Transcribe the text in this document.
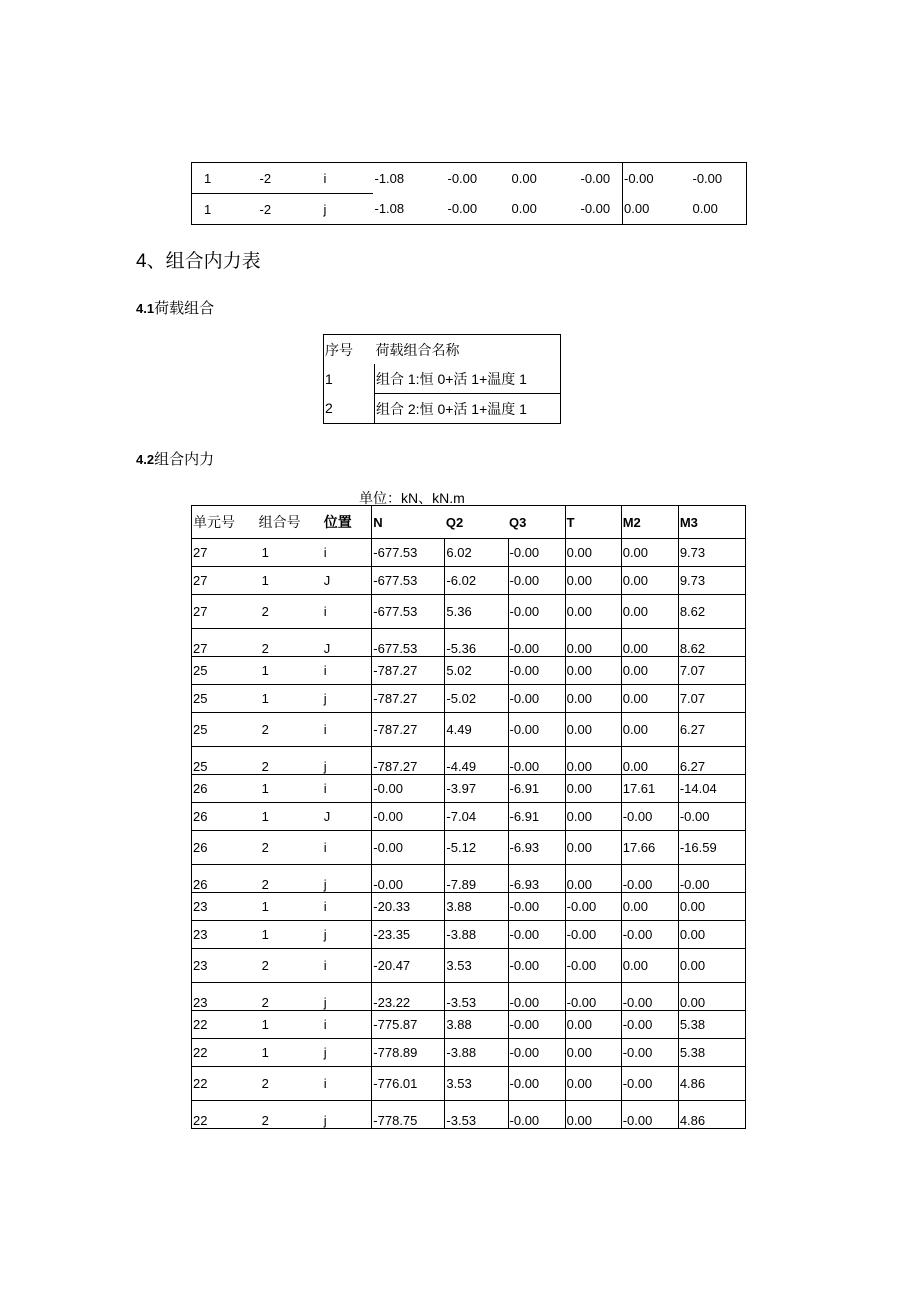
1	-2	i	-1.08	-0.00	0.00	-0.00	-0.00	-0.00
1	-2	j	-1.08	-0.00	0.00	-0.00	0.00	0.00
4、组合内力表
4.1荷载组合
序号	荷载组合名称
1	组合 1:恒 0+活 1+温度 1
2	组合 2:恒 0+活 1+温度 1
4.2组合内力
单位：kN、kN.m
单元号	组合号	位置	N	Q2	Q3	T	M2	M3
27	1	i	-677.53	6.02	-0.00	0.00	0.00	9.73
27	1	J	-677.53	-6.02	-0.00	0.00	0.00	9.73
27	2	i	-677.53	5.36	-0.00	0.00	0.00	8.62
27	2	J	-677.53	-5.36	-0.00	0.00	0.00	8.62
25	1	i	-787.27	5.02	-0.00	0.00	0.00	7.07
25	1	j	-787.27	-5.02	-0.00	0.00	0.00	7.07
25	2	i	-787.27	4.49	-0.00	0.00	0.00	6.27
25	2	j	-787.27	-4.49	-0.00	0.00	0.00	6.27
26	1	i	-0.00	-3.97	-6.91	0.00	17.61	-14.04
26	1	J	-0.00	-7.04	-6.91	0.00	-0.00	-0.00
26	2	i	-0.00	-5.12	-6.93	0.00	17.66	-16.59
26	2	j	-0.00	-7.89	-6.93	0.00	-0.00	-0.00
23	1	i	-20.33	3.88	-0.00	-0.00	0.00	0.00
23	1	j	-23.35	-3.88	-0.00	-0.00	-0.00	0.00
23	2	i	-20.47	3.53	-0.00	-0.00	0.00	0.00
23	2	j	-23.22	-3.53	-0.00	-0.00	-0.00	0.00
22	1	i	-775.87	3.88	-0.00	0.00	-0.00	5.38
22	1	j	-778.89	-3.88	-0.00	0.00	-0.00	5.38
22	2	i	-776.01	3.53	-0.00	0.00	-0.00	4.86
22	2	j	-778.75	-3.53	-0.00	0.00	-0.00	4.86
